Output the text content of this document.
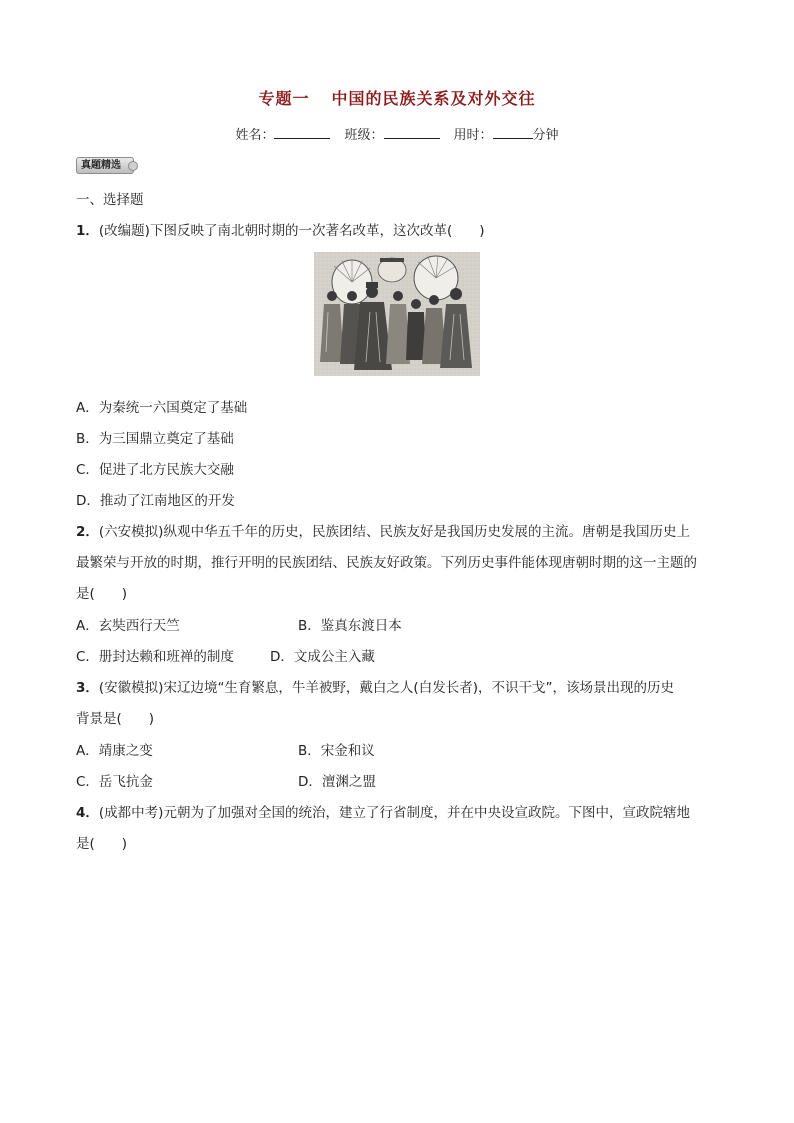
专题一 中国的民族关系及对外交往
姓名：	班级：	用时：	分钟
真题精选
一、选择题
1．(改编题)下图反映了南北朝时期的一次著名改革，这次改革(　　)
A．为秦统一六国奠定了基础
B．为三国鼎立奠定了基础
C．促进了北方民族大交融
D．推动了江南地区的开发
2．(六安模拟)纵观中华五千年的历史，民族团结、民族友好是我国历史发展的主流。唐朝是我国历史上
最繁荣与开放的时期，推行开明的民族团结、民族友好政策。下列历史事件能体现唐朝时期的这一主题的
是(　　)
A．玄奘西行天竺	B．鉴真东渡日本
C．册封达赖和班禅的制度	D．文成公主入藏
3．(安徽模拟)宋辽边境“生育繁息，牛羊被野，戴白之人(白发长者)，不识干戈”，该场景出现的历史
背景是(　　)
A．靖康之变	B．宋金和议
C．岳飞抗金	D．澶渊之盟
4．(成都中考)元朝为了加强对全国的统治，建立了行省制度，并在中央设宣政院。下图中，宣政院辖地
是(　　)
